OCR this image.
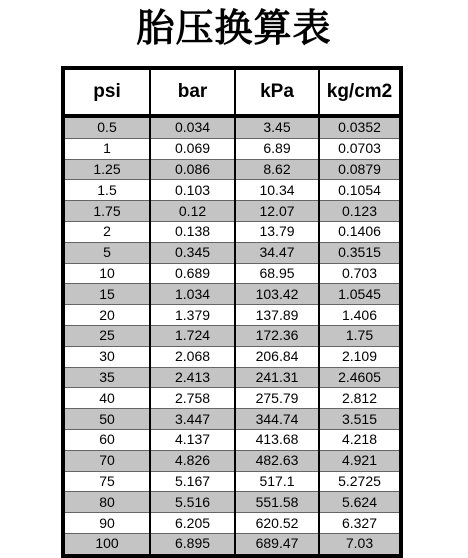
胎压换算表
psi	bar	kPa	kg/cm2
0.5	0.034	3.45	0.0352
1	0.069	6.89	0.0703
1.25	0.086	8.62	0.0879
1.5	0.103	10.34	0.1054
1.75	0.12	12.07	0.123
2	0.138	13.79	0.1406
5	0.345	34.47	0.3515
10	0.689	68.95	0.703
15	1.034	103.42	1.0545
20	1.379	137.89	1.406
25	1.724	172.36	1.75
30	2.068	206.84	2.109
35	2.413	241.31	2.4605
40	2.758	275.79	2.812
50	3.447	344.74	3.515
60	4.137	413.68	4.218
70	4.826	482.63	4.921
75	5.167	517.1	5.2725
80	5.516	551.58	5.624
90	6.205	620.52	6.327
100	6.895	689.47	7.03
